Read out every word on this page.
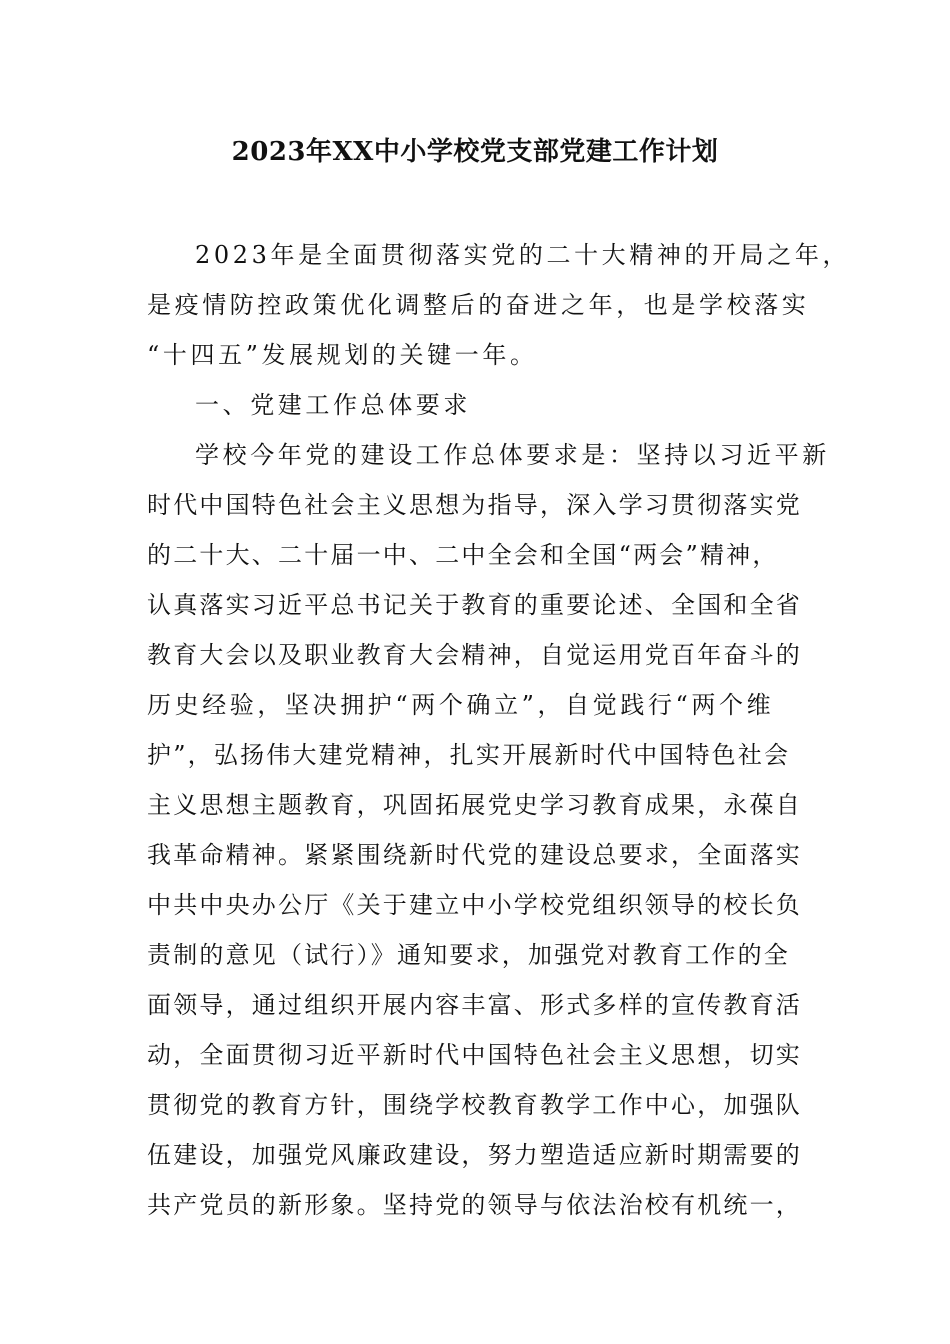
2023年XX中小学校党支部党建工作计划
2023年是全面贯彻落实党的二十大精神的开局之年，
是疫情防控政策优化调整后的奋进之年，也是学校落实
“十四五”发展规划的关键一年。
一、党建工作总体要求
学校今年党的建设工作总体要求是：坚持以习近平新
时代中国特色社会主义思想为指导，深入学习贯彻落实党
的二十大、二十届一中、二中全会和全国“两会”精神，
认真落实习近平总书记关于教育的重要论述、全国和全省
教育大会以及职业教育大会精神，自觉运用党百年奋斗的
历史经验，坚决拥护“两个确立”，自觉践行“两个维
护”，弘扬伟大建党精神，扎实开展新时代中国特色社会
主义思想主题教育，巩固拓展党史学习教育成果，永葆自
我革命精神。紧紧围绕新时代党的建设总要求，全面落实
中共中央办公厅《关于建立中小学校党组织领导的校长负
责制的意见（试行）》通知要求，加强党对教育工作的全
面领导，通过组织开展内容丰富、形式多样的宣传教育活
动，全面贯彻习近平新时代中国特色社会主义思想，切实
贯彻党的教育方针，围绕学校教育教学工作中心，加强队
伍建设，加强党风廉政建设，努力塑造适应新时期需要的
共产党员的新形象。坚持党的领导与依法治校有机统一，
